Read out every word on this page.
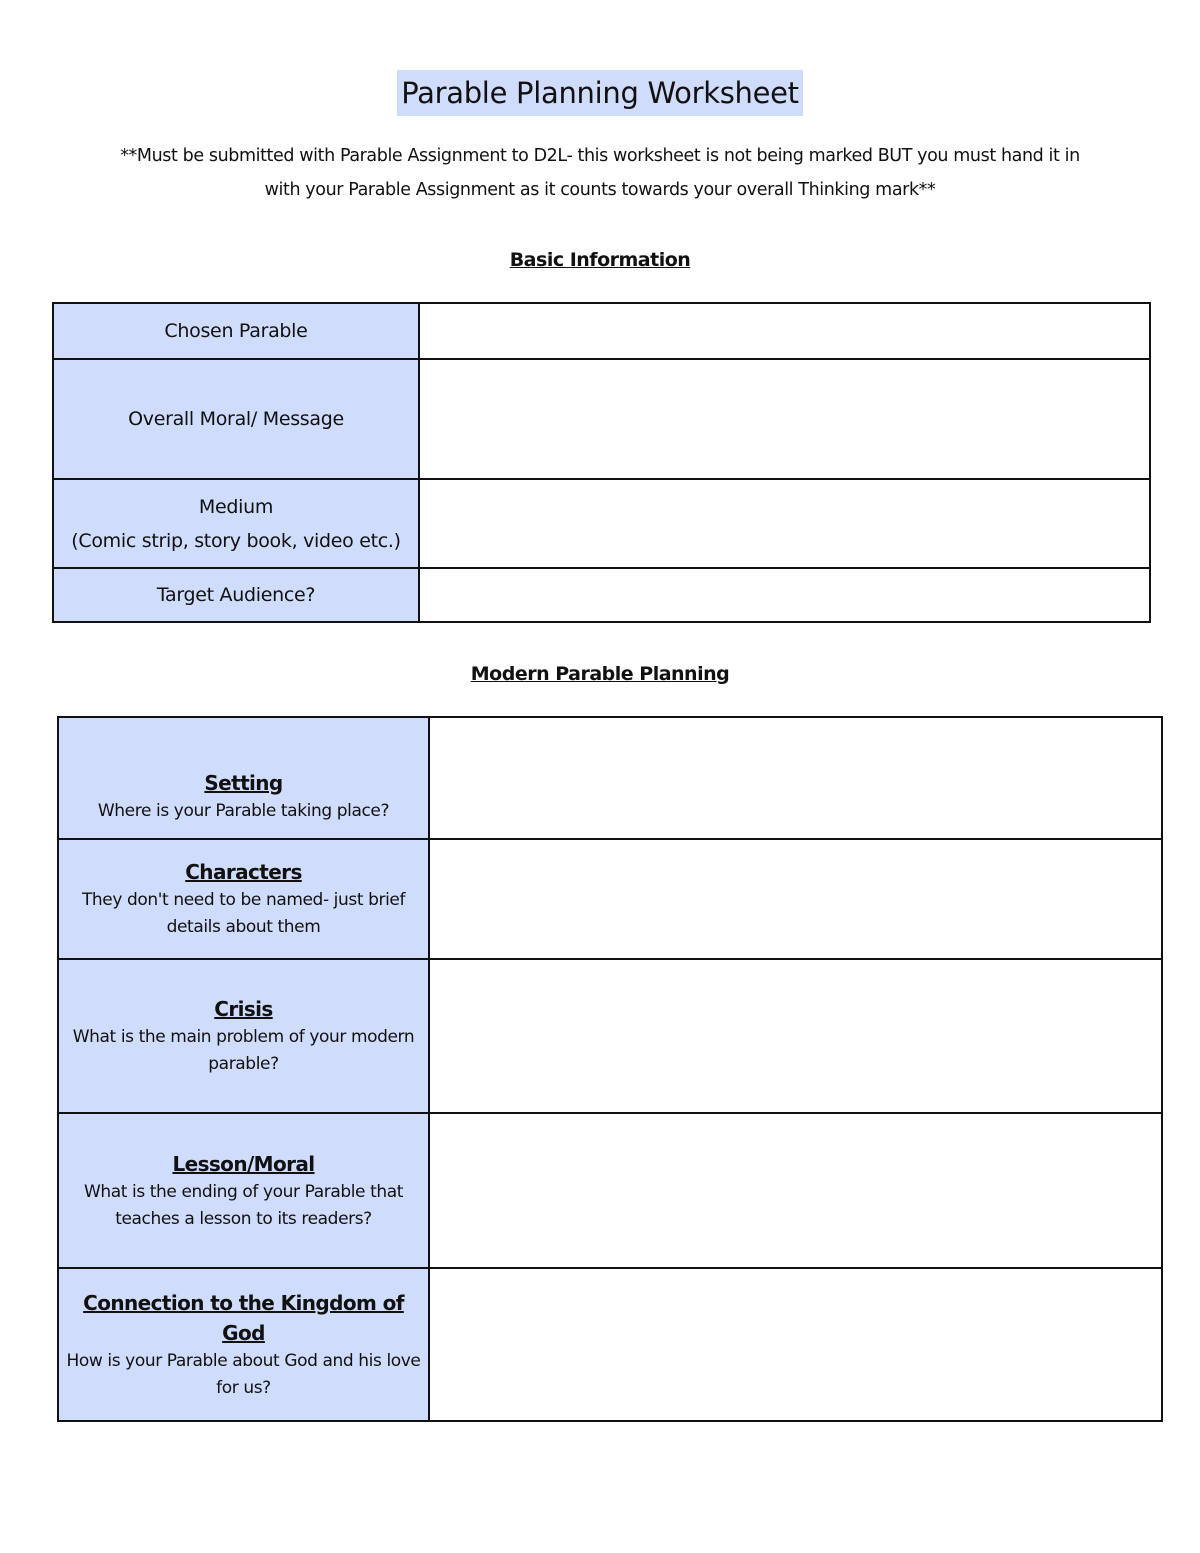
Parable Planning Worksheet
**Must be submitted with Parable Assignment to D2L- this worksheet is not being marked BUT you must hand it in
with your Parable Assignment as it counts towards your overall Thinking mark**
Basic Information
Chosen Parable	
Overall Moral/ Message	

Medium
(Comic strip, story book, video etc.)	

Target Audience?	
Modern Parable Planning
Setting
Where is your Parable taking place?	

Characters
They don't need to be named- just brief details about them	

Crisis
What is the main problem of your modern parable?	

Lesson/Moral
What is the ending of your Parable that teaches a lesson to its readers?	

Connection to the Kingdom of God
How is your Parable about God and his love for us?	
